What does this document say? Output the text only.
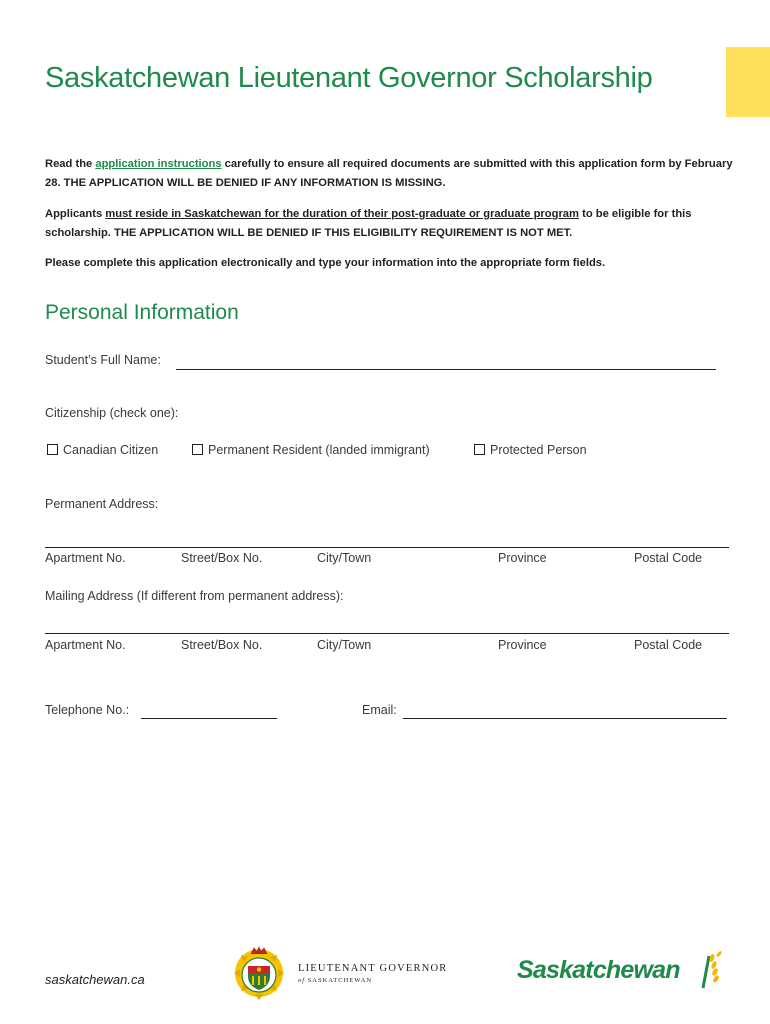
Saskatchewan Lieutenant Governor Scholarship

Read the application instructions carefully to ensure all required documents are submitted with this application form by February 28. THE APPLICATION WILL BE DENIED IF ANY INFORMATION IS MISSING.

Applicants must reside in Saskatchewan for the duration of their post-graduate or graduate program to be eligible for this scholarship. THE APPLICATION WILL BE DENIED IF THIS ELIGIBILITY REQUIREMENT IS NOT MET.

Please complete this application electronically and type your information into the appropriate form fields.

Personal Information
Student’s Full Name:
Citizenship (check one):
Canadian Citizen	Permanent Resident (landed immigrant)	Protected Person
Permanent Address:
Apartment No.	Street/Box No.	City/Town	Province	Postal Code
Mailing Address (If different from permanent address):
Apartment No.	Street/Box No.	City/Town	Province	Postal Code
Telephone No.:	Email:
saskatchewan.ca
LIEUTENANT GOVERNOR
of SASKATCHEWAN	Saskatchewan
